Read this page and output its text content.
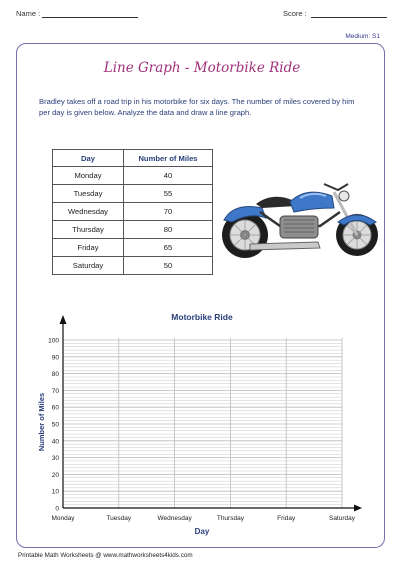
Name :	Score :
Medium: S1
Line Graph - Motorbike Ride
Bradley takes off a road trip in his motorbike for six days. The number of miles covered by him per day is given below. Analyze the data and draw a line graph.
Day	Number of Miles
Monday	40
Tuesday	55
Wednesday	70
Thursday	80
Friday	65
Saturday	50
Motorbike Ride
0
10
20
30
40
50
60
70
80
90
100
Monday	Tuesday	Wednesday	Thursday	Friday	Saturday
Number of Miles
Day
Printable Math Worksheets @ www.mathworksheets4kids.com
